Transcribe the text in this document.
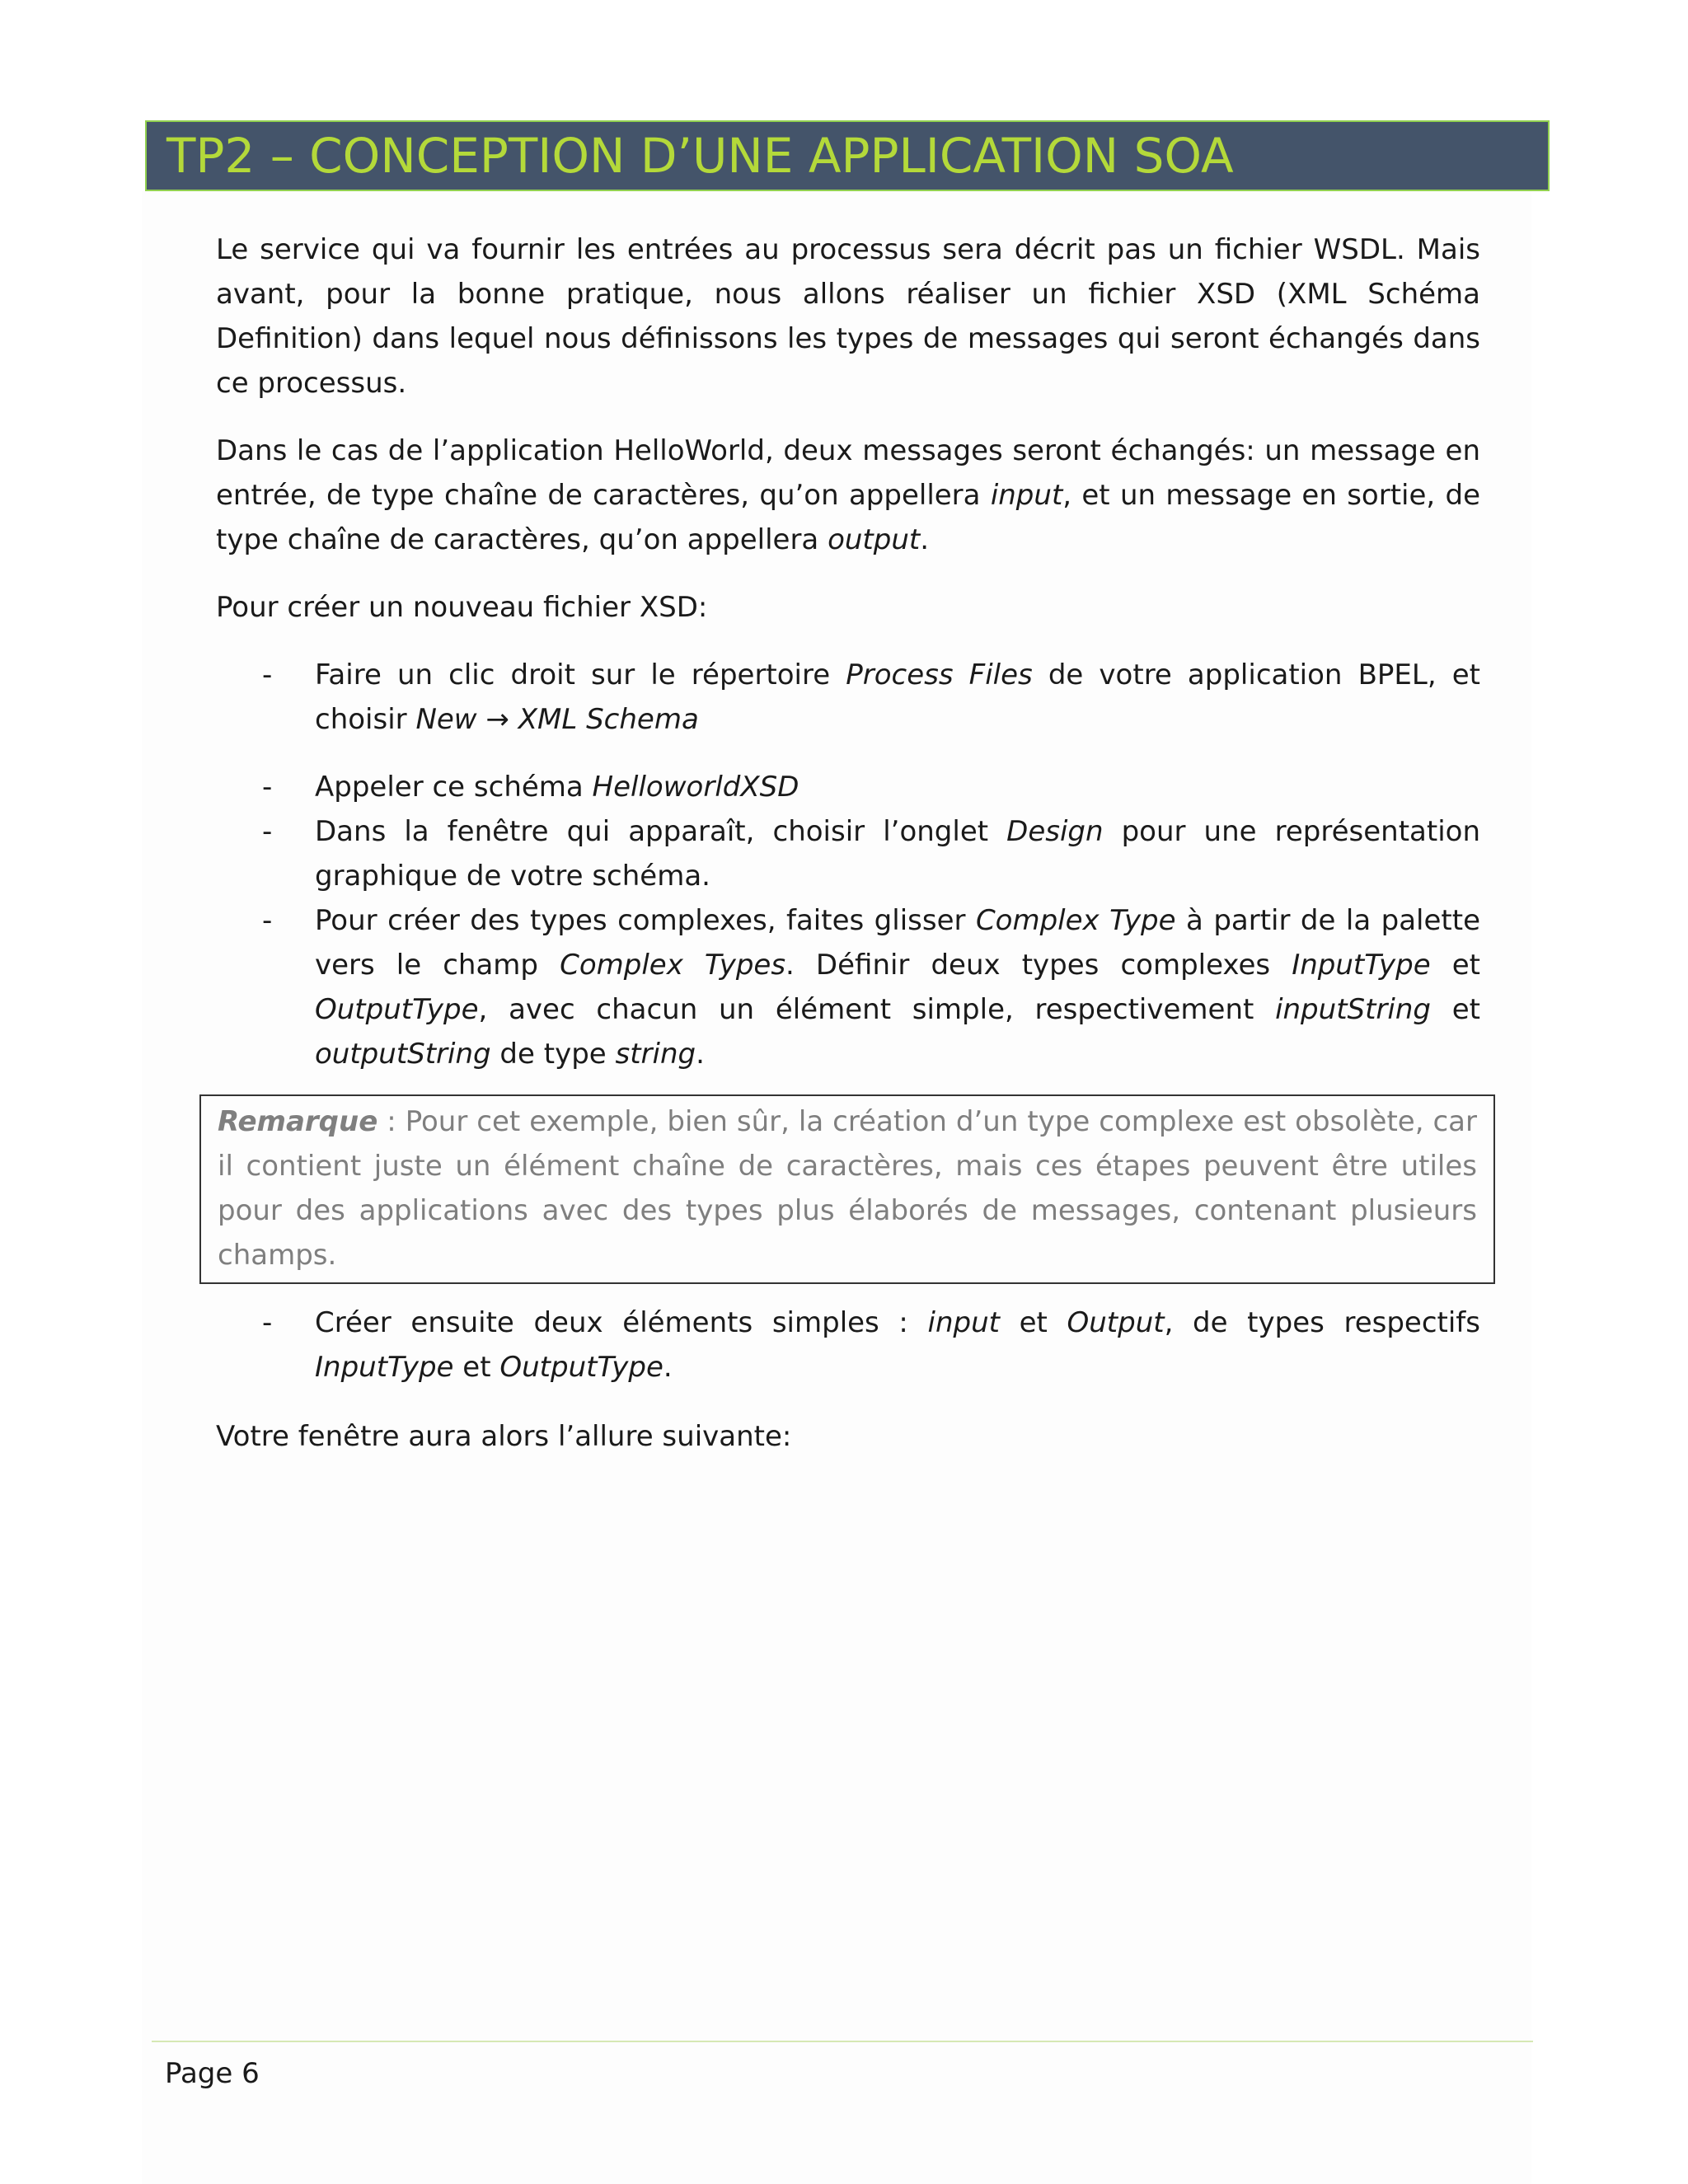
TP2 – CONCEPTION D’UNE APPLICATION SOA

Le service qui va fournir les entrées au processus sera décrit pas un fichier WSDL. Mais avant, pour la bonne pratique, nous allons réaliser un fichier XSD (XML Schéma Definition) dans lequel nous définissons les types de messages qui seront échangés dans ce processus.

Dans le cas de l’application HelloWorld, deux messages seront échangés: un message en entrée, de type chaîne de caractères, qu’on appellera input, et un message en sortie, de type chaîne de caractères, qu’on appellera output.

Pour créer un nouveau fichier XSD:

- Faire un clic droit sur le répertoire Process Files de votre application BPEL, et choisir New → XML Schema
- Appeler ce schéma HelloworldXSD
- Dans la fenêtre qui apparaît, choisir l’onglet Design pour une représentation graphique de votre schéma.
- Pour créer des types complexes, faites glisser Complex Type à partir de la palette vers le champ Complex Types. Définir deux types complexes InputType et OutputType, avec chacun un élément simple, respectivement inputString et outputString de type string.
Remarque : Pour cet exemple, bien sûr, la création d’un type complexe est obsolète, car il contient juste un élément chaîne de caractères, mais ces étapes peuvent être utiles pour des applications avec des types plus élaborés de messages, contenant plusieurs champs.
- Créer ensuite deux éléments simples : input et Output, de types respectifs InputType et OutputType.

Votre fenêtre aura alors l’allure suivante:

Page 6
